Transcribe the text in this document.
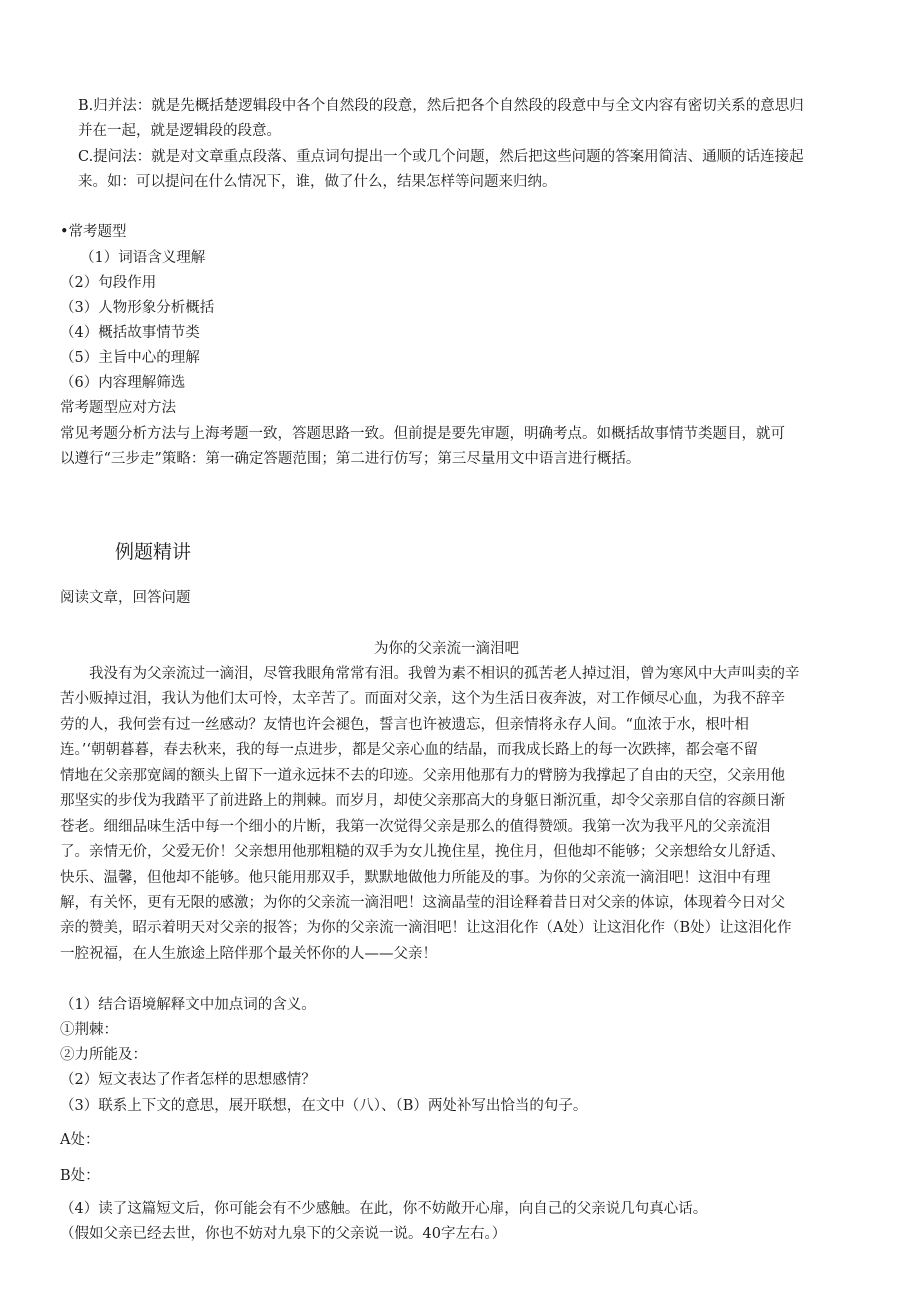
B.归并法：就是先概括楚逻辑段中各个自然段的段意，然后把各个自然段的段意中与全文内容有密切关系的意思归
并在一起，就是逻辑段的段意。
C.提问法：就是对文章重点段落、重点词句提出一个或几个问题，然后把这些问题的答案用简洁、通顺的话连接起
来。如：可以提问在什么情况下，谁，做了什么，结果怎样等问题来归纳。
•常考题型
（1）词语含义理解
（2）句段作用
（3）人物形象分析概括
（4）概括故事情节类
（5）主旨中心的理解
（6）内容理解筛选
常考题型应对方法
常见考题分析方法与上海考题一致，答题思路一致。但前提是要先审题，明确考点。如概括故事情节类题目，就可
以遵行“三步走”策略：第一确定答题范围；第二进行仿写；第三尽量用文中语言进行概括。
例题精讲
阅读文章，回答问题
为你的父亲流一滴泪吧
　　我没有为父亲流过一滴泪，尽管我眼角常常有泪。我曾为素不相识的孤苦老人掉过泪，曾为寒风中大声叫卖的辛
苦小贩掉过泪，我认为他们太可怜，太辛苦了。而面对父亲，这个为生活日夜奔波，对工作倾尽心血，为我不辞辛
劳的人，我何尝有过一丝感动？友情也许会褪色，誓言也许被遗忘，但亲情将永存人间。“血浓于水，根叶相
连。’‘朝朝暮暮，春去秋来，我的每一点进步，都是父亲心血的结晶，而我成长路上的每一次跌摔，都会毫不留
情地在父亲那宽阔的额头上留下一道永远抹不去的印迹。父亲用他那有力的臂膀为我撑起了自由的天空，父亲用他
那坚实的步伐为我踏平了前进路上的荆棘。而岁月，却使父亲那高大的身躯日渐沉重，却令父亲那自信的容颜日渐
苍老。细细品味生活中每一个细小的片断，我第一次觉得父亲是那么的值得赞颂。我第一次为我平凡的父亲流泪
了。亲情无价，父爱无价！父亲想用他那粗糙的双手为女儿挽住星，挽住月，但他却不能够；父亲想给女儿舒适、
快乐、温馨，但他却不能够。他只能用那双手，默默地做他力所能及的事。为你的父亲流一滴泪吧！这泪中有理
解，有关怀，更有无限的感激；为你的父亲流一滴泪吧！这滴晶莹的泪诠释着昔日对父亲的体谅，体现着今日对父
亲的赞美，昭示着明天对父亲的报答；为你的父亲流一滴泪吧！让这泪化作（A处）让这泪化作（B处）让这泪化作
一腔祝福，在人生旅途上陪伴那个最关怀你的人——父亲！
（1）结合语境解释文中加点词的含义。
①荆棘：
②力所能及：
（2）短文表达了作者怎样的思想感情？
（3）联系上下文的意思，展开联想，在文中（八）、（B）两处补写出恰当的句子。
A处：
B处：
（4）读了这篇短文后，你可能会有不少感触。在此，你不妨敞开心扉，向自己的父亲说几句真心话。
（假如父亲已经去世，你也不妨对九泉下的父亲说一说。40字左右。）
